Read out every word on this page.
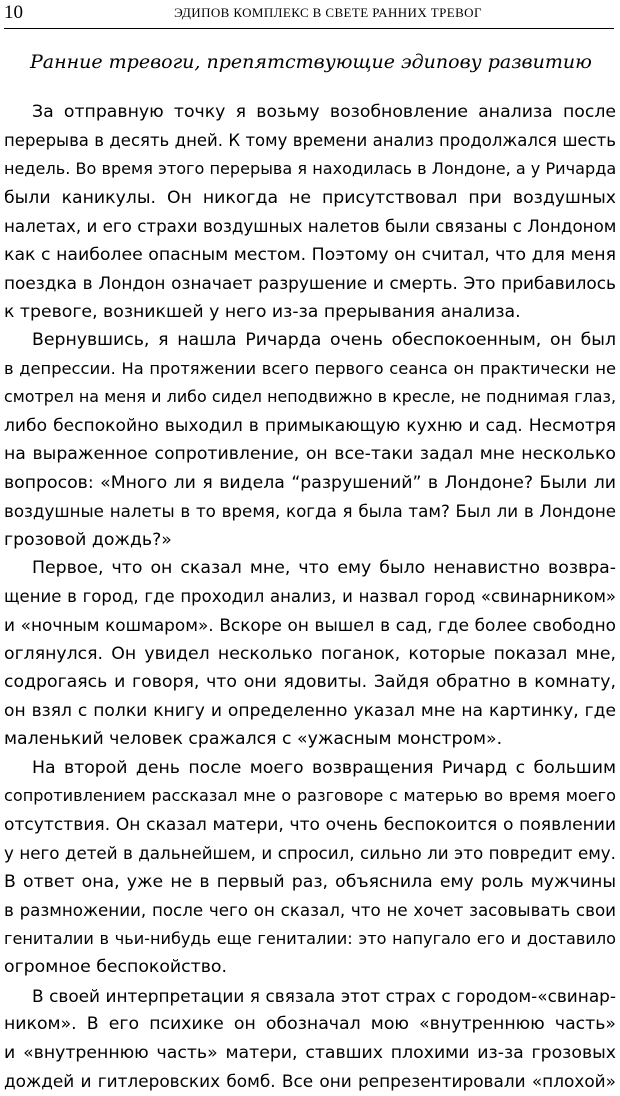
10	ЭДИПОВ КОМПЛЕКС В СВЕТЕ РАННИХ ТРЕВОГ
Ранние тревоги, препятствующие эдипову развитию

За отправную точку я возьму возобновление анализа после
перерыва в десять дней. К тому времени анализ продолжался шесть
недель. Во время этого перерыва я находилась в Лондоне, а у Ричарда
были каникулы. Он никогда не присутствовал при воздушных
налетах, и его страхи воздушных налетов были связаны с Лондоном
как с наиболее опасным местом. Поэтому он считал, что для меня
поездка в Лондон означает разрушение и смерть. Это прибавилось
к тревоге, возникшей у него из-за прерывания анализа.

Вернувшись, я нашла Ричарда очень обеспокоенным, он был
в депрессии. На протяжении всего первого сеанса он практически не
смотрел на меня и либо сидел неподвижно в кресле, не поднимая глаз,
либо беспокойно выходил в примыкающую кухню и сад. Несмотря
на выраженное сопротивление, он все-таки задал мне несколько
вопросов: «Много ли я видела “разрушений” в Лондоне? Были ли
воздушные налеты в то время, когда я была там? Был ли в Лондоне
грозовой дождь?»

Первое, что он сказал мне, что ему было ненавистно возвра-
щение в город, где проходил анализ, и назвал город «свинарником»
и «ночным кошмаром». Вскоре он вышел в сад, где более свободно
оглянулся. Он увидел несколько поганок, которые показал мне,
содрогаясь и говоря, что они ядовиты. Зайдя обратно в комнату,
он взял с полки книгу и определенно указал мне на картинку, где
маленький человек сражался с «ужасным монстром».

На второй день после моего возвращения Ричард с большим
сопротивлением рассказал мне о разговоре с матерью во время моего
отсутствия. Он сказал матери, что очень беспокоится о появлении
у него детей в дальнейшем, и спросил, сильно ли это повредит ему.
В ответ она, уже не в первый раз, объяснила ему роль мужчины
в размножении, после чего он сказал, что не хочет засовывать свои
гениталии в чьи-нибудь еще гениталии: это напугало его и доставило
огромное беспокойство.

В своей интерпретации я связала этот страх с городом-«свинар-
ником». В его психике он обозначал мою «внутреннюю часть»
и «внутреннюю часть» матери, ставших плохими из-за грозовых
дождей и гитлеровских бомб. Все они репрезентировали «плохой»
